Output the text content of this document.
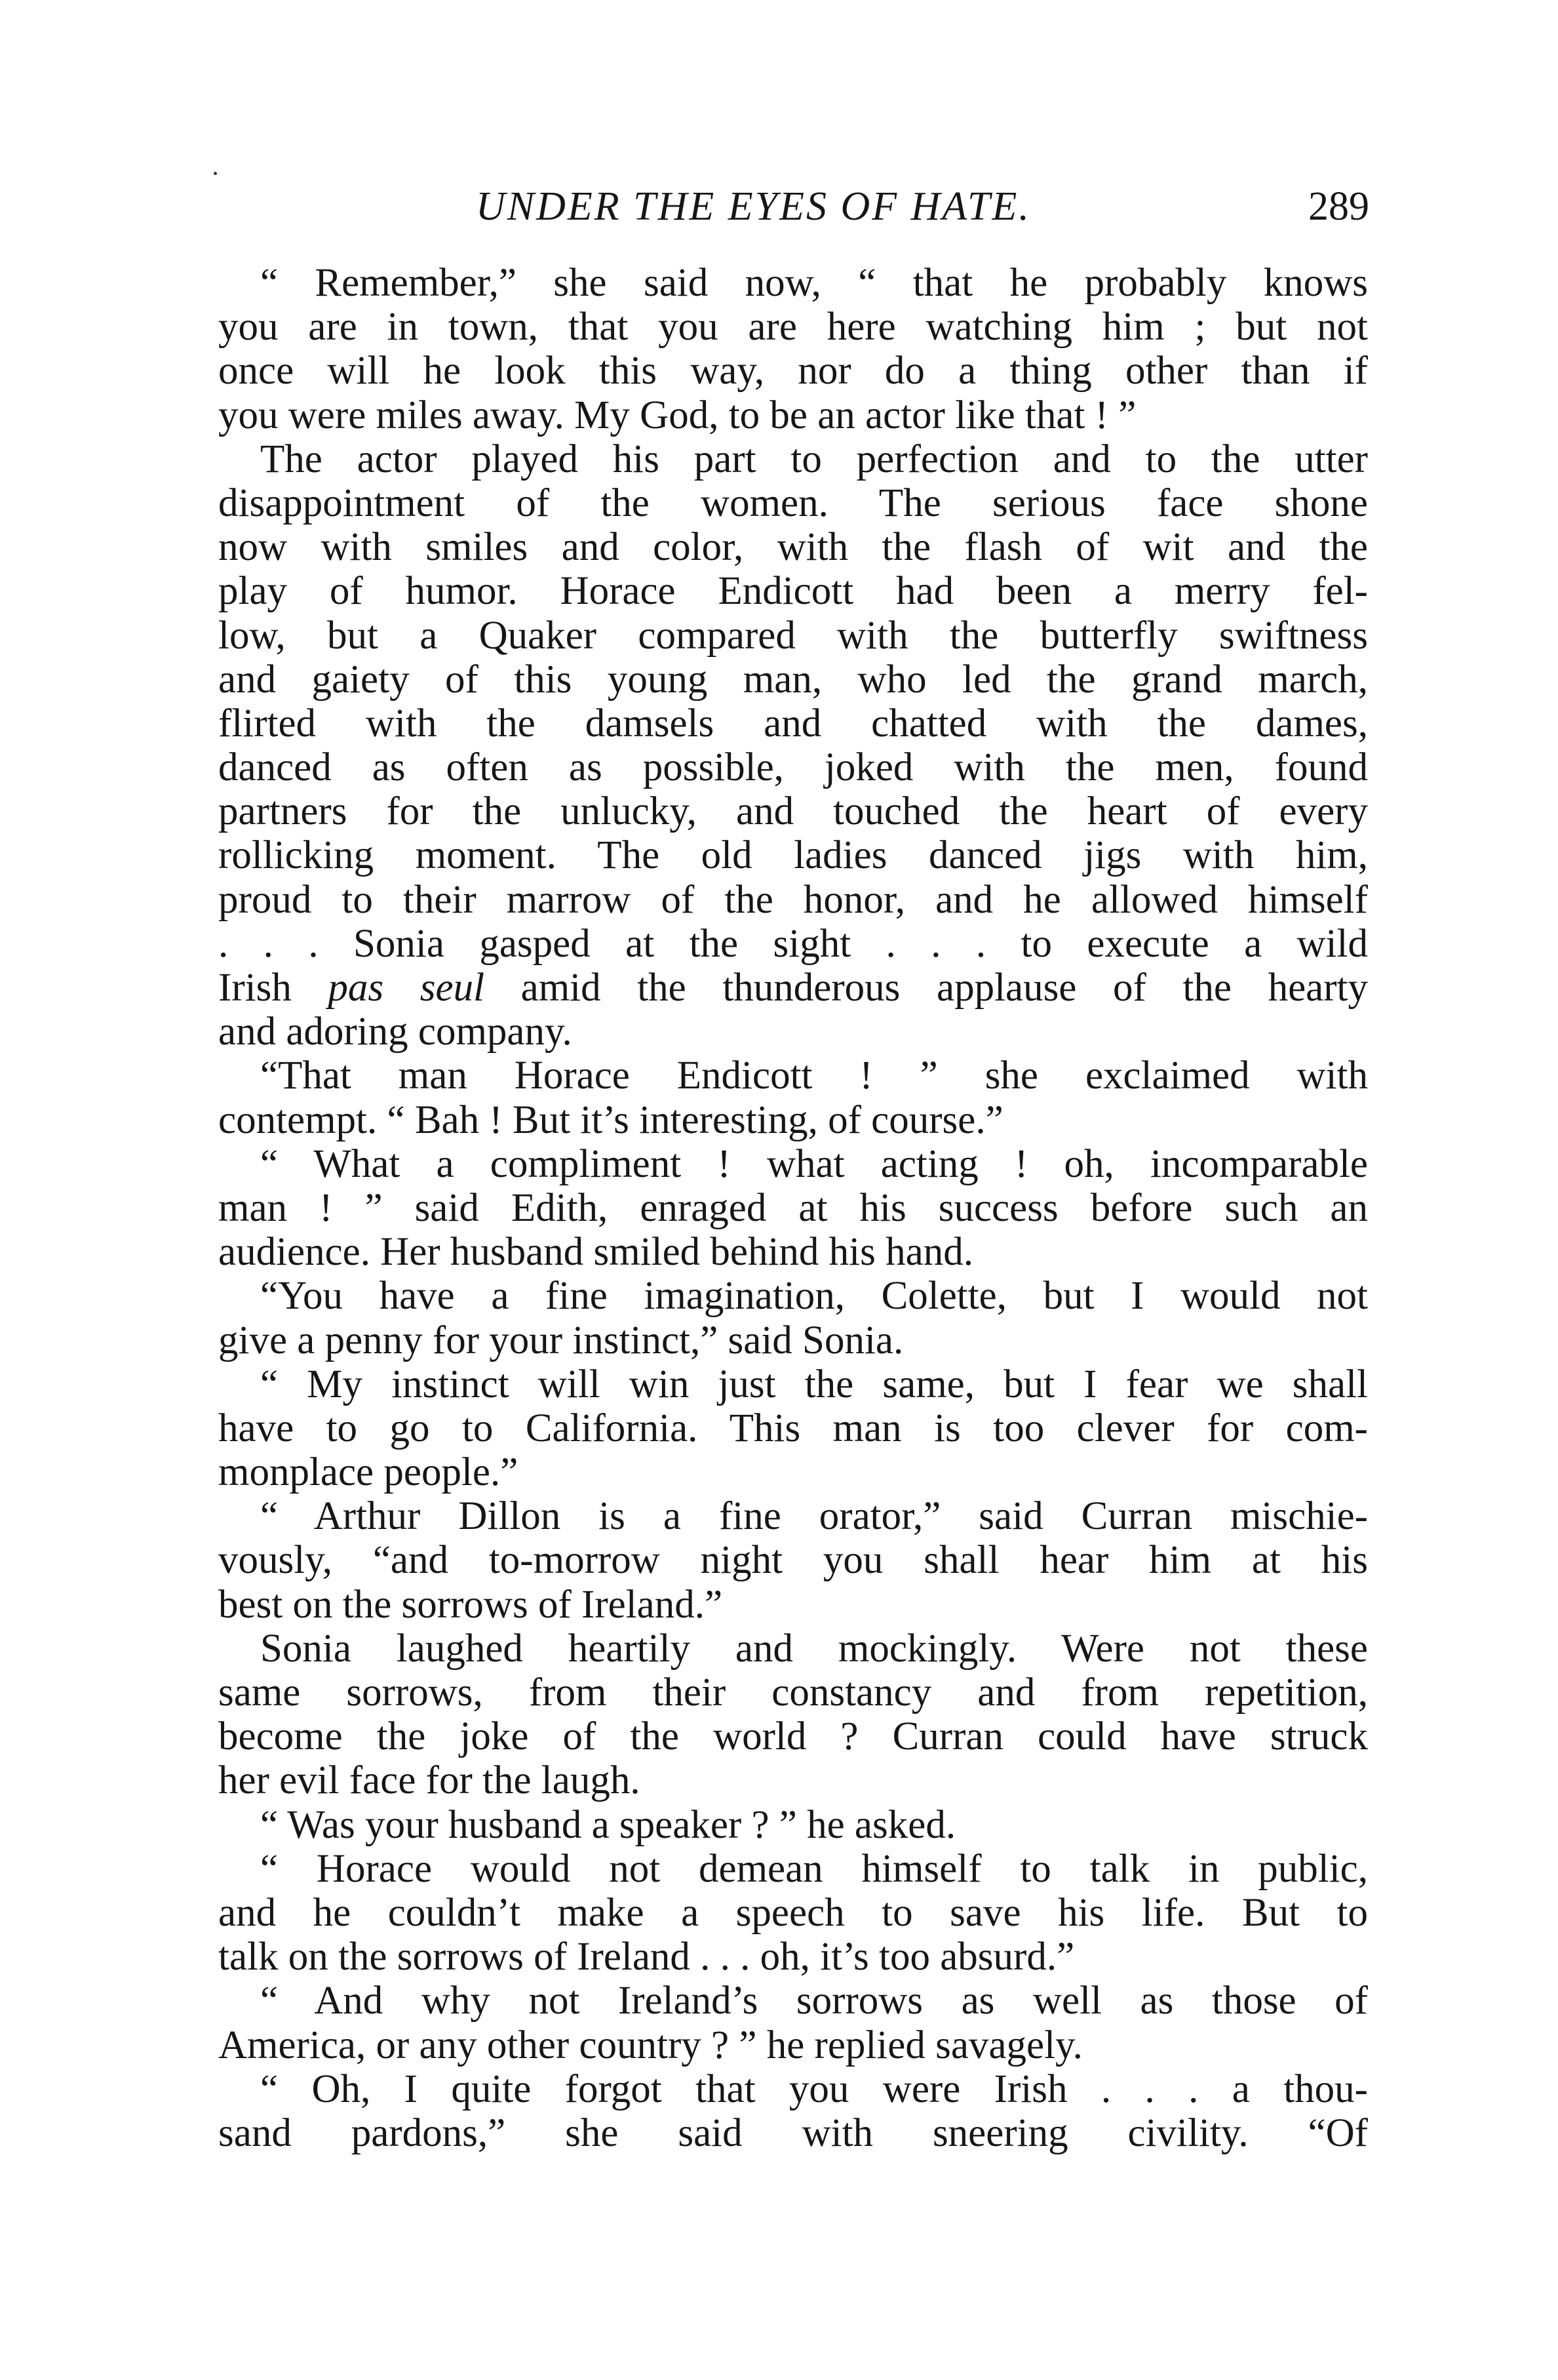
UNDER THE EYES OF HATE.	289
“ Remember,” she said now, “ that he probably knows
you are in town, that you are here watching him ; but not
once will he look this way, nor do a thing other than if
you were miles away. My God, to be an actor like that ! ”
The actor played his part to perfection and to the utter
disappointment of the women. The serious face shone
now with smiles and color, with the flash of wit and the
play of humor. Horace Endicott had been a merry fel-
low, but a Quaker compared with the butterfly swiftness
and gaiety of this young man, who led the grand march,
flirted with the damsels and chatted with the dames,
danced as often as possible, joked with the men, found
partners for the unlucky, and touched the heart of every
rollicking moment. The old ladies danced jigs with him,
proud to their marrow of the honor, and he allowed himself
. . . Sonia gasped at the sight . . . to execute a wild
Irish pas seul amid the thunderous applause of the hearty
and adoring company.
“That man Horace Endicott ! ” she exclaimed with
contempt. “ Bah ! But it’s interesting, of course.”
“ What a compliment ! what acting ! oh, incomparable
man ! ” said Edith, enraged at his success before such an
audience. Her husband smiled behind his hand.
“You have a fine imagination, Colette, but I would not
give a penny for your instinct,” said Sonia.
“ My instinct will win just the same, but I fear we shall
have to go to California. This man is too clever for com-
monplace people.”
“ Arthur Dillon is a fine orator,” said Curran mischie-
vously, “and to-morrow night you shall hear him at his
best on the sorrows of Ireland.”
Sonia laughed heartily and mockingly. Were not these
same sorrows, from their constancy and from repetition,
become the joke of the world ? Curran could have struck
her evil face for the laugh.
“ Was your husband a speaker ? ” he asked.
“ Horace would not demean himself to talk in public,
and he couldn’t make a speech to save his life. But to
talk on the sorrows of Ireland . . . oh, it’s too absurd.”
“ And why not Ireland’s sorrows as well as those of
America, or any other country ? ” he replied savagely.
“ Oh, I quite forgot that you were Irish . . . a thou-
sand pardons,” she said with sneering civility. “Of
